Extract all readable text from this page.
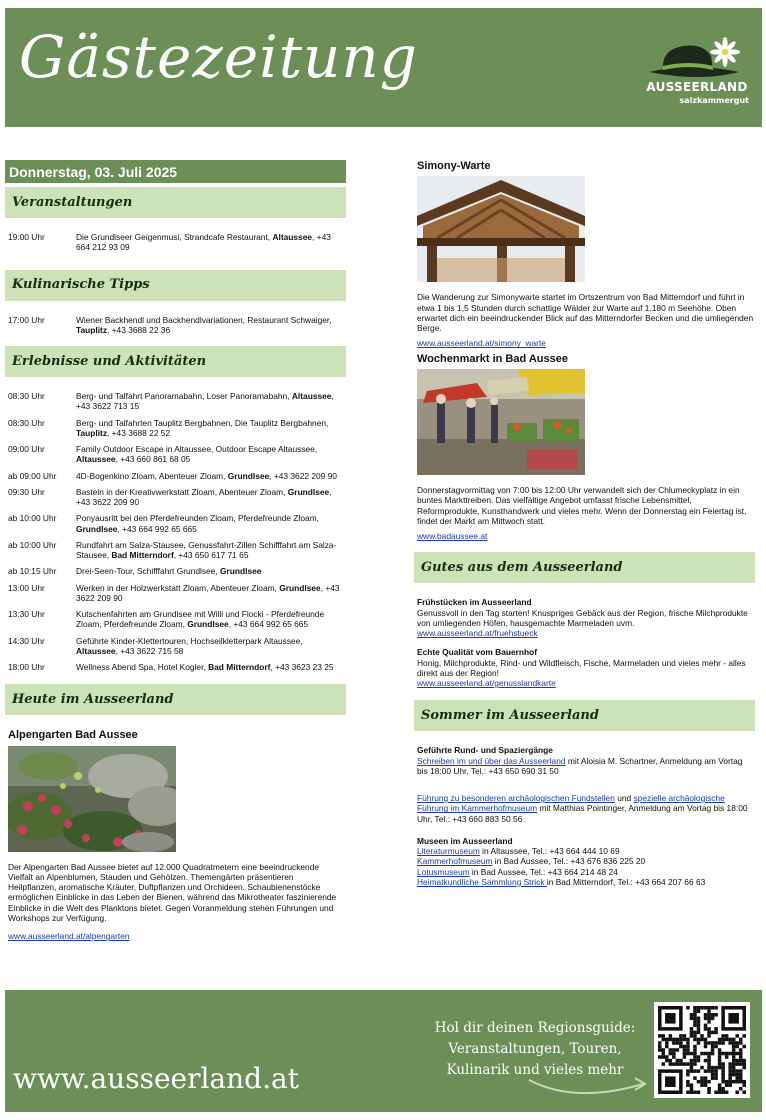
Gästezeitung	AUSSEERLAND
salzkammergut
Donnerstag, 03. Juli 2025
Veranstaltungen
19:00 Uhr	Die Grundlseer Geigenmusi, Strandcafe Restaurant, Altaussee, +43 664 212 93 09
Kulinarische Tipps
17:00 Uhr	Wiener Backhendl und Backhendlvariationen, Restaurant Schwaiger, Tauplitz, +43 3688 22 36
Erlebnisse und Aktivitäten
08:30 Uhr	Berg- und Talfahrt Panoramabahn, Loser Panoramabahn, Altaussee, +43 3622 713 15
08:30 Uhr	Berg- und Talfahrten Tauplitz Bergbahnen, Die Tauplitz Bergbahnen, Tauplitz, +43 3688 22 52
09:00 Uhr	Family Outdoor Escape in Altaussee, Outdoor Escape Altaussee, Altaussee, +43 660 861 68 05
ab 09:00 Uhr	4D-Bogenkino Zloam, Abenteuer Zloam, Grundlsee, +43 3622 209 90
09:30 Uhr	Basteln in der Kreativwerkstatt Zloam, Abenteuer Zloam, Grundlsee, +43 3622 209 90
ab 10:00 Uhr	Ponyausritt bei den Pferdefreunden Zloam, Pferdefreunde Zloam, Grundlsee, +43 664 992 65 665
ab 10:00 Uhr	Rundfahrt am Salza-Stausee, Genussfahrt-Zillen Schifffahrt am Salza-Stausee, Bad Mitterndorf, +43 650 617 71 65
ab 10:15 Uhr	Drei-Seen-Tour, Schifffahrt Grundlsee, Grundlsee
13:00 Uhr	Werken in der Holzwerkstatt Zloam, Abenteuer Zloam, Grundlsee, +43 3622 209 90
13:30 Uhr	Kutschenfahrten am Grundlsee mit Willi und Flocki - Pferdefreunde Zloam, Pferdefreunde Zloam, Grundlsee, +43 664 992 65 665
14:30 Uhr	Geführte Kinder-Klettertouren, Hochseilkletterpark Altaussee, Altaussee, +43 3622 715 58
18:00 Uhr	Wellness Abend Spa, Hotel Kogler, Bad Mitterndorf, +43 3623 23 25
Heute im Ausseerland
Alpengarten Bad Aussee
Der Alpengarten Bad Aussee bietet auf 12.000 Quadratmetern eine beeindruckende Vielfalt an Alpenblumen, Stauden und Gehölzen. Themengärten präsentieren Heilpflanzen, aromatische Kräuter, Duftpflanzen und Orchideen. Schaubienenstöcke ermöglichen Einblicke in das Leben der Bienen, während das Mikrotheater faszinierende Einblicke in die Welt des Planktons bietet. Gegen Voranmeldung stehen Führungen und Workshops zur Verfügung.
www.ausseerland.at/alpengarten
Simony-Warte
Die Wanderung zur Simonywarte startet im Ortszentrum von Bad Mitterndorf und führt in etwa 1 bis 1,5 Stunden durch schattige Wälder zur Warte auf 1.180 m Seehöhe. Oben erwartet dich ein beeindruckender Blick auf das Mitterndorfer Becken und die umliegenden Berge.
www.ausseerland.at/simony_warte
Wochenmarkt in Bad Aussee
Donnerstagvormittag von 7:00 bis 12:00 Uhr verwandelt sich der Chlumeckyplatz in ein buntes Markttreiben. Das vielfältige Angebot umfasst frische Lebensmittel, Reformprodukte, Kunsthandwerk und vieles mehr. Wenn der Donnerstag ein Feiertag ist, findet der Markt am Mittwoch statt.
www.badaussee.at
Gutes aus dem Ausseerland
Frühstücken im Ausseerland
Genussvoll in den Tag starten! Knuspriges Gebäck aus der Region, frische Milchprodukte von umliegenden Höfen, hausgemachte Marmeladen uvm.
www.ausseerland.at/fruehstueck
Echte Qualität vom Bauernhof
Honig, Milchprodukte, Rind- und Wildfleisch, Fische, Marmeladen und vieles mehr - alles direkt aus der Region!
www.ausseerland.at/genusslandkarte
Sommer im Ausseerland
Geführte Rund- und Spaziergänge
Schreiben im und über das Ausseerland mit Aloisia M. Schartner, Anmeldung am Vortag bis 18:00 Uhr, Tel.: +43 650 690 31 50
Führung zu besonderen archäologischen Fundstellen und spezielle archäologische Führung im Kammerhofmuseum mit Matthias Pointinger, Anmeldung am Vortag bis 18:00 Uhr, Tel.: +43 660 883 50 56
Museen im Ausseerland
Literaturmuseum in Altaussee, Tel.: +43 664 444 10 69
Kammerhofmuseum in Bad Aussee, Tel.: +43 676 836 225 20
Lotusmuseum in Bad Aussee, Tel.: +43 664 214 48 24
Heimatkundliche Sammlung Strick in Bad Mitterndorf, Tel.: +43 664 207 66 63
www.ausseerland.at
Hol dir deinen Regionsguide:
Veranstaltungen, Touren,
Kulinarik und vieles mehr
